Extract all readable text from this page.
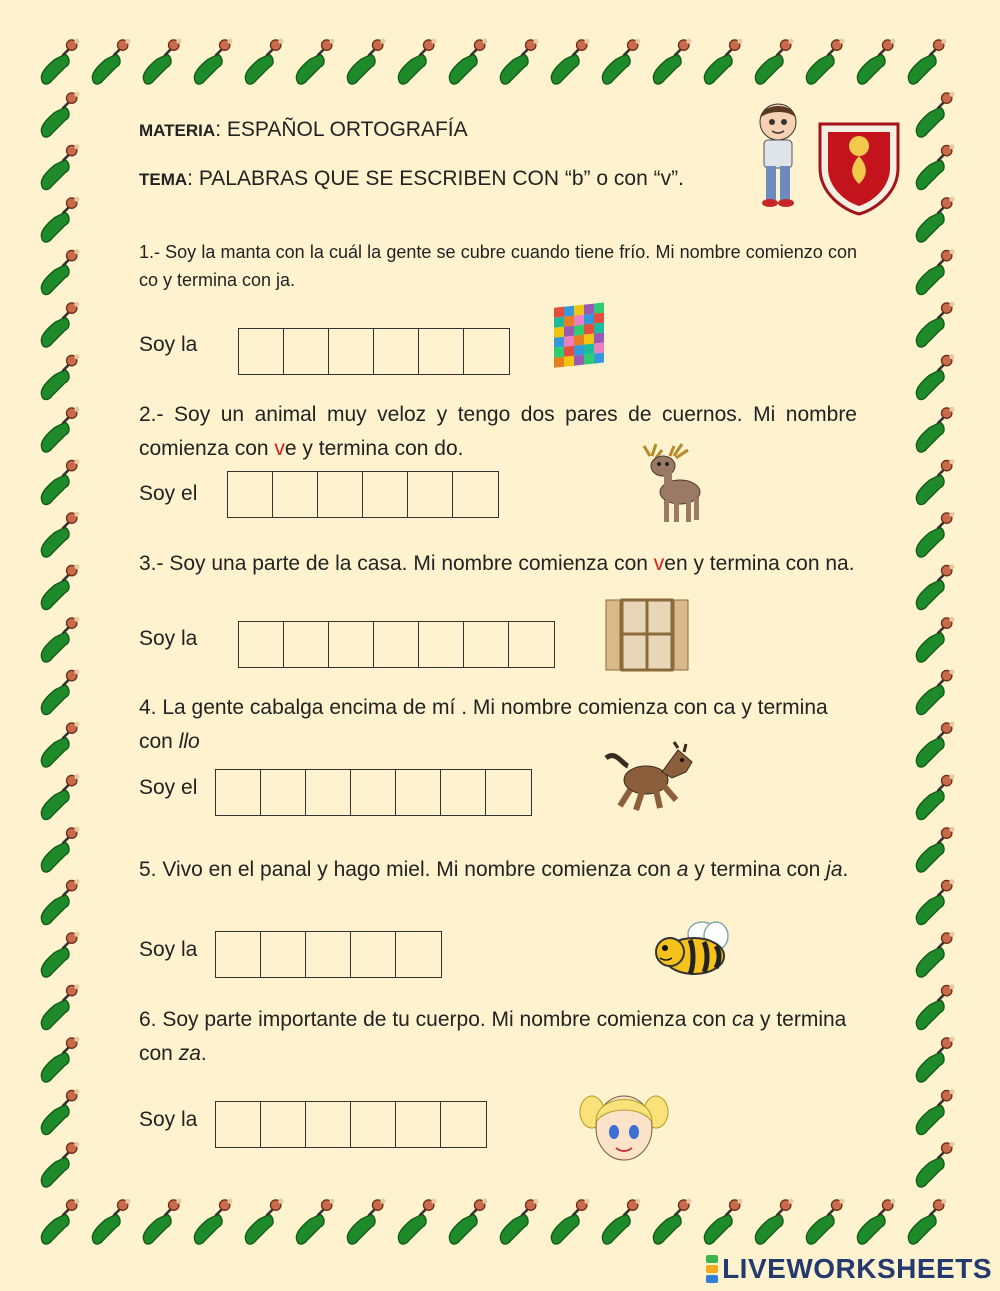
MATERIA: ESPAÑOL ORTOGRAFÍA
TEMA: PALABRAS QUE SE ESCRIBEN CON “b” o con “v”.
1.- Soy la manta con la cuál la gente se cubre cuando tiene frío. Mi nombre comienzo con co y termina con ja.
Soy la
2.- Soy un animal muy veloz y tengo dos pares de cuernos. Mi nombre comienza con ve y termina con do.
Soy el
3.- Soy una parte de la casa. Mi nombre comienza con ven y termina con na.
Soy la
4. La gente cabalga encima de mí . Mi nombre comienza con ca y termina con llo
Soy el
5. Vivo en el panal y hago miel. Mi nombre comienza con a y termina con ja.
Soy la
6. Soy parte importante de tu cuerpo. Mi nombre comienza con ca y termina con za.
Soy la
LIVEWORKSHEETS
